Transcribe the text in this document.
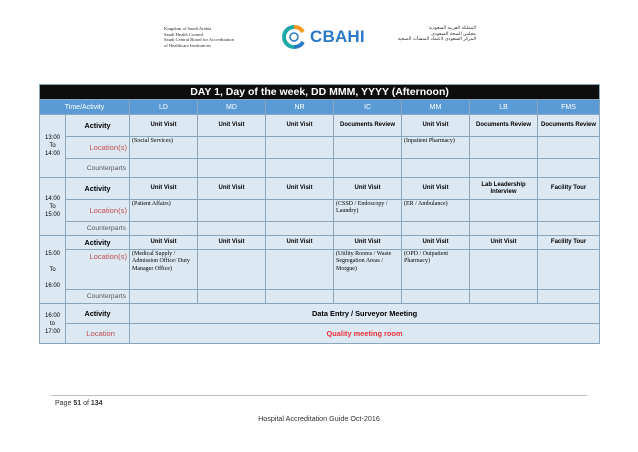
Kingdom of Saudi Arabia
Saudi Health Council
Saudi Central Board for Accreditation
of Healthcare Institutions	CBAHI	المملكة العربية السعودية
مجلس الصحة السعودي
المركز السعودي لاعتماد المنشآت الصحية
DAY 1, Day of the week, DD MMM, YYYY (Afternoon)								
Time/Activity		LD	MD	NR	IC	MM	LB	FMS
13:00
To
14:00	Activity	Unit Visit	Unit Visit	Unit Visit	Documents Review	Unit Visit	Documents Review	Documents Review
	Location(s)	(Social Services)				(Inpatient Pharmacy)		
	Counterparts							
14:00
To
15:00	Activity	Unit Visit	Unit Visit	Unit Visit	Unit Visit	Unit Visit	Lab Leadership Interview	Facility Tour
	Location(s)	(Patient Affairs)			(CSSD / Endoscopy / Laundry)	(ER / Ambulance)		
	Counterparts							
15:00

To

16:00	Activity	Unit Visit	Unit Visit	Unit Visit	Unit Visit	Unit Visit	Unit Visit	Facility Tour
	Location(s)	(Medical Supply / Admission Office/ Duty Manager Office)			(Utility Rooms / Waste Segregation Areas / Morgue)	(OPD / Outpatient Pharmacy)		
	Counterparts							
16:00
to
17:00	Activity	Data Entry / Surveyor Meeting						
	Location	Quality meeting room						
Page 51 of 134
Hospital Accreditation Guide Oct-2016
